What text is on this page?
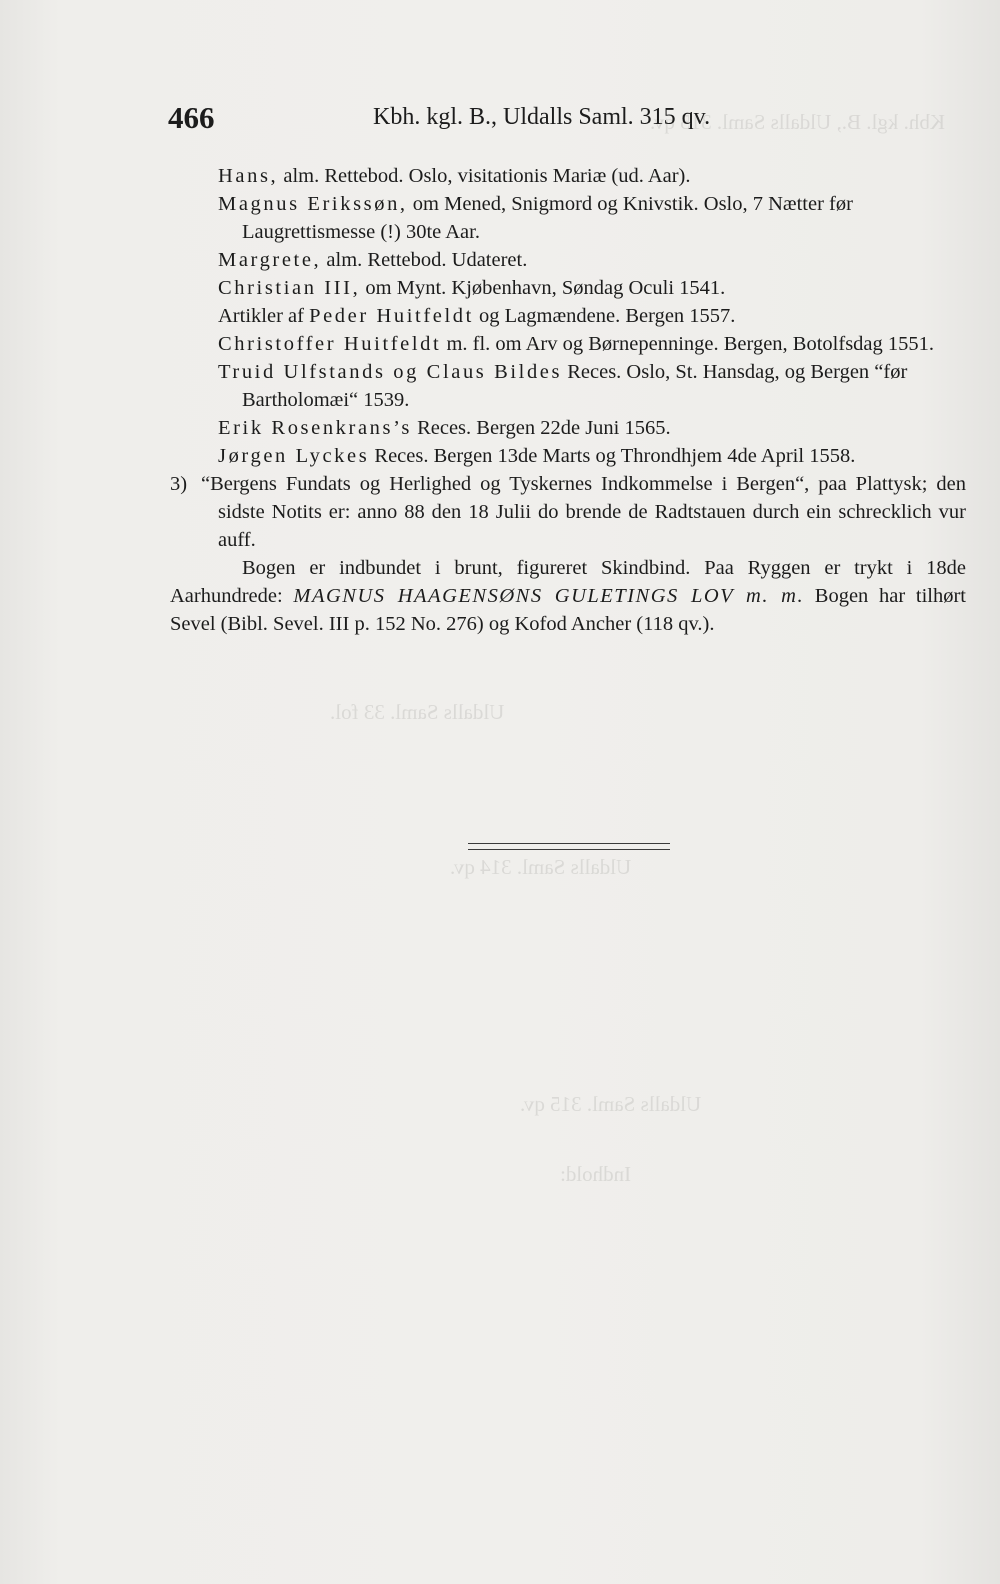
Kbh. kgl. B., Uldalls Saml. 315 qv.
Uldalls Saml. 33 fol.
Uldalls Saml. 314 qv.
Uldalls Saml. 315 qv.
Indhold:
466	Kbh. kgl. B., Uldalls Saml. 315 qv.

Hans, alm. Rettebod. Oslo, visitationis Mariæ (ud. Aar).

Magnus Erikssøn, om Mened, Snigmord og Knivstik. Oslo, 7 Nætter før Laugrettismesse (!) 30te Aar.

Margrete, alm. Rettebod. Udateret.

Christian III, om Mynt. Kjøbenhavn, Søndag Oculi 1541.

Artikler af Peder Huitfeldt og Lagmændene. Bergen 1557.

Christoffer Huitfeldt m. fl. om Arv og Børnepenninge. Bergen, Botolfsdag 1551.

Truid Ulfstands og Claus Bildes Reces. Oslo, St. Hansdag, og Bergen “før Bartholomæi“ 1539.

Erik Rosenkrans’s Reces. Bergen 22de Juni 1565.

Jørgen Lyckes Reces. Bergen 13de Marts og Throndhjem 4de April 1558.

3) “Bergens Fundats og Herlighed og Tyskernes Indkommelse i Bergen“, paa Plattysk; den sidste Notits er: anno 88 den 18 Julii do brende de Radtstauen durch ein schrecklich vur auff.

Bogen er indbundet i brunt, figureret Skindbind. Paa Ryggen er trykt i 18de Aarhundrede: MAGNUS HAAGENSØNS GULETINGS LOV m. m. Bogen har tilhørt Sevel (Bibl. Sevel. III p. 152 No. 276) og Kofod Ancher (118 qv.).
